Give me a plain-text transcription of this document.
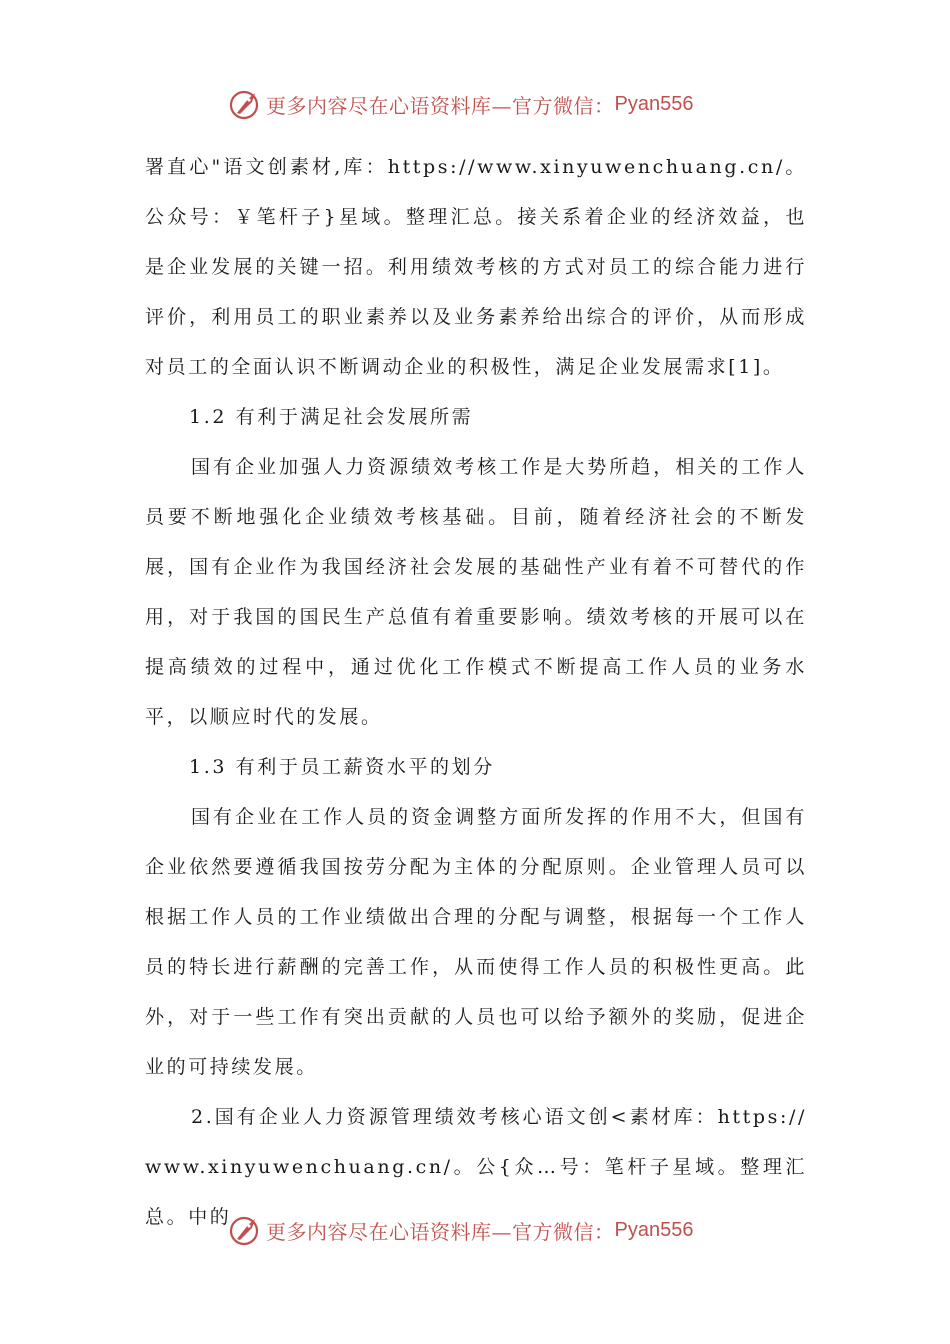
更多内容尽在心语资料库—官方微信： Pyan556

署直心"语文创素材,库：https://www.xinyuwenchuang.cn/。公众号：￥笔杆子}星域。整理汇总。接关系着企业的经济效益，也是企业发展的关键一招。利用绩效考核的方式对员工的综合能力进行评价，利用员工的职业素养以及业务素养给出综合的评价，从而形成对员工的全面认识不断调动企业的积极性，满足企业发展需求[1]。

1.2 有利于满足社会发展所需

国有企业加强人力资源绩效考核工作是大势所趋，相关的工作人员要不断地强化企业绩效考核基础。目前，随着经济社会的不断发展，国有企业作为我国经济社会发展的基础性产业有着不可替代的作用，对于我国的国民生产总值有着重要影响。绩效考核的开展可以在提高绩效的过程中，通过优化工作模式不断提高工作人员的业务水平，以顺应时代的发展。

1.3 有利于员工薪资水平的划分

国有企业在工作人员的资金调整方面所发挥的作用不大，但国有企业依然要遵循我国按劳分配为主体的分配原则。企业管理人员可以根据工作人员的工作业绩做出合理的分配与调整，根据每一个工作人员的特长进行薪酬的完善工作，从而使得工作人员的积极性更高。此外，对于一些工作有突出贡献的人员也可以给予额外的奖励，促进企业的可持续发展。

2.国有企业人力资源管理绩效考核心语文创<素材库：https://www.xinyuwenchuang.cn/。公{众…号：笔杆子星域。整理汇总。中的

更多内容尽在心语资料库—官方微信： Pyan556
